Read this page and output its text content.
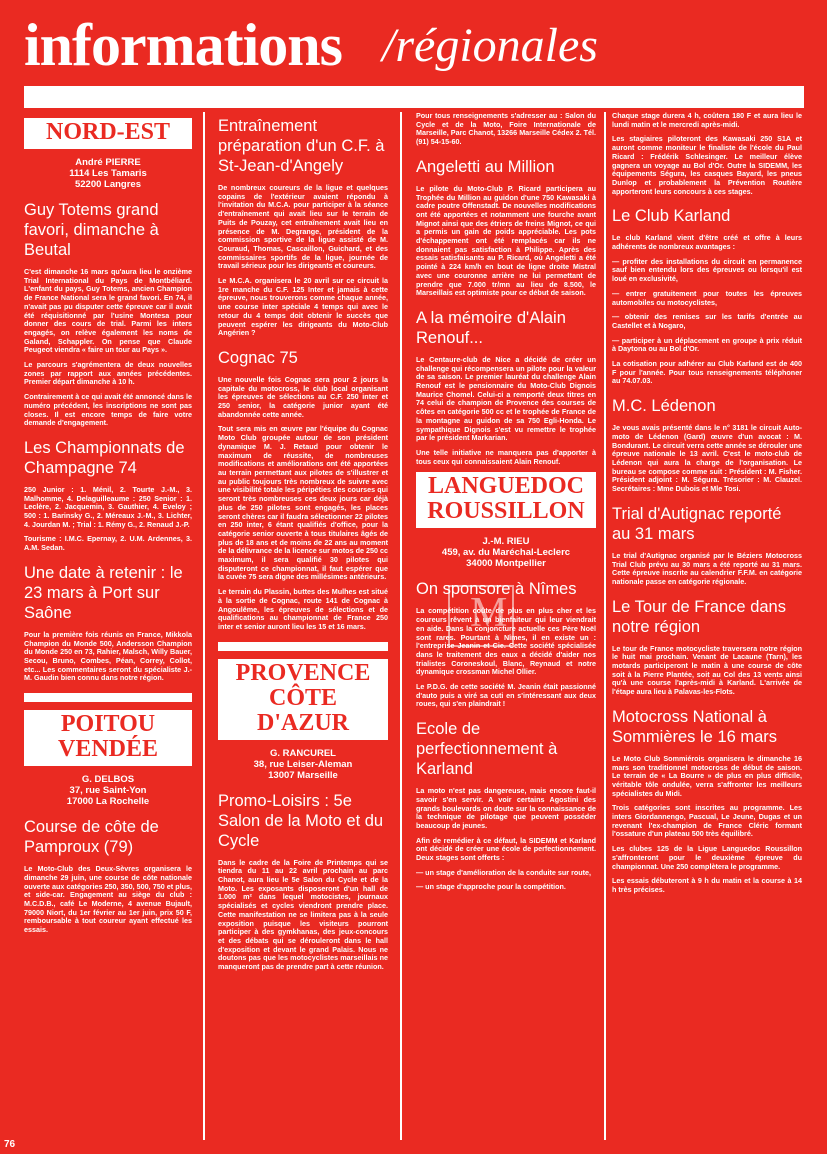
informations /régionales
NORD-EST
André PIERRE
1114 Les Tamaris
52200 Langres
Guy Totems grand favori, dimanche à Beutal

C'est dimanche 16 mars qu'aura lieu le onzième Trial International du Pays de Montbéliard. L'enfant du pays, Guy Totems, ancien Champion de France National sera le grand favori. En 74, il n'avait pas pu disputer cette épreuve car il avait été réquisitionné par l'usine Montesa pour donner des cours de trial. Parmi les inters engagés, on relève également les noms de Galand, Schappler. On pense que Claude Peugeot viendra « faire un tour au Pays ».

Le parcours s'agrémentera de deux nouvelles zones par rapport aux années précédentes. Premier départ dimanche à 10 h.

Contrairement à ce qui avait été annoncé dans le numéro précédent, les inscriptions ne sont pas closes. Il est encore temps de faire votre demande d'engagement.

Les Championnats de Champagne 74

250 Junior : 1. Ménil, 2. Tourte J.-M., 3. Malhomme, 4. Delaguilleaume : 250 Senior : 1. Leclère, 2. Jacquemin, 3. Gauthier, 4. Eveloy ; 500 : 1. Barinsky G., 2. Méreaux J.-M., 3. Lichter, 4. Jourdan M. ; Trial : 1. Rémy G., 2. Renaud J.-P.

Tourisme : I.M.C. Epernay, 2. U.M. Ardennes, 3. A.M. Sedan.

Une date à retenir : le 23 mars à Port sur Saône

Pour la première fois réunis en France, Mikkola Champion du Monde 500, Andersson Champion du Monde 250 en 73, Rahier, Malsch, Willy Bauer, Secou, Bruno, Combes, Péan, Correy, Collot, etc... Les commentaires seront du spécialiste J.-M. Gaudin bien connu dans notre région.

POITOU
VENDÉE
G. DELBOS
37, rue Saint-Yon
17000 La Rochelle
Course de côte de Pamproux (79)

Le Moto-Club des Deux-Sèvres organisera le dimanche 29 juin, une course de côte nationale ouverte aux catégories 250, 350, 500, 750 et plus, et side-car. Engagement au siège du club : M.C.D.B., café Le Moderne, 4 avenue Bujault, 79000 Niort, du 1er février au 1er juin, prix 50 F, remboursable à tout coureur ayant effectué les essais.

Entraînement préparation d'un C.F. à St-Jean-d'Angely

De nombreux coureurs de la ligue et quelques copains de l'extérieur avaient répondu à l'invitation du M.C.A. pour participer à la séance d'entraînement qui avait lieu sur le terrain de Puits de Pouzay, cet entraînement avait lieu en présence de M. Degrange, président de la commission sportive de la ligue assisté de M. Couraud, Thomas, Cascaillon, Guichard, et des commissaires sportifs de la ligue, journée de travail sérieux pour les dirigeants et coureurs.

Le M.C.A. organisera le 20 avril sur ce circuit la 1re manche du C.F. 125 Inter et jamais à cette épreuve, nous trouverons comme chaque année, une course inter spéciale 4 temps qui avec le retour du 4 temps doit obtenir le succès que peuvent espérer les dirigeants du Moto-Club Angérien ?

Cognac 75

Une nouvelle fois Cognac sera pour 2 jours la capitale du motocross, le club local organisant les épreuves de sélections au C.F. 250 inter et 250 senior, la catégorie junior ayant été abandonnée cette année.

Tout sera mis en œuvre par l'équipe du Cognac Moto Club groupée autour de son président dynamique M. J. Retaud pour obtenir le maximum de réussite, de nombreuses modifications et améliorations ont été apportées au terrain permettant aux pilotes de s'illustrer et au public toujours très nombreux de suivre avec une visibilité totale les péripéties des courses qui seront très nombreuses ces deux jours car déjà plus de 250 pilotes sont engagés, les places seront chères car il faudra sélectionner 22 pilotes en 250 inter, 6 étant qualifiés d'office, pour la catégorie senior ouverte à tous titulaires âgés de plus de 18 ans et de moins de 22 ans au moment de la délivrance de la licence sur motos de 250 cc maximum, il sera qualifié 30 pilotes qui disputeront ce championnat, il faut espérer que la cuvée 75 sera digne des millésimes antérieurs.

Le terrain du Plassin, buttes des Mulhes est situé à la sortie de Cognac, route 141 de Cognac à Angoulême, les épreuves de sélections et de qualifications au championnat de France 250 inter et senior auront lieu les 15 et 16 mars.

PROVENCE
CÔTE D'AZUR
G. RANCUREL
38, rue Leiser-Aleman
13007 Marseille
Promo-Loisirs : 5e Salon de la Moto et du Cycle

Dans le cadre de la Foire de Printemps qui se tiendra du 11 au 22 avril prochain au parc Chanot, aura lieu le 5e Salon du Cycle et de la Moto. Les exposants disposeront d'un hall de 1.000 m² dans lequel motocistes, journaux spécialisés et cycles viendront prendre place. Cette manifestation ne se limitera pas à la seule exposition puisque les visiteurs pourront participer à des gymkhanas, des jeux-concours et des débats qui se dérouleront dans le hall d'exposition et devant le grand Palais. Nous ne doutons pas que les motocyclistes marseillais ne manqueront pas de prendre part à cette réunion.

Pour tous renseignements s'adresser au : Salon du Cycle et de la Moto, Foire Internationale de Marseille, Parc Chanot, 13266 Marseille Cédex 2. Tél. (91) 54-15-60.

Angeletti au Million

Le pilote du Moto-Club P. Ricard participera au Trophée du Million au guidon d'une 750 Kawasaki à cadre poutre Offenstadt. De nouvelles modifications ont été apportées et notamment une fourche avant Mignot ainsi que des étriers de freins Mignot, ce qui a permis un gain de poids appréciable. Les pots d'échappement ont été remplacés car ils ne donnaient pas satisfaction à Philippe. Après des essais satisfaisants au P. Ricard, où Angeletti a été pointé à 224 km/h en bout de ligne droite Mistral avec une couronne arrière ne lui permettant de prendre que 7.000 tr/mn au lieu de 8.500, le Marseillais est optimiste pour ce début de saison.

A la mémoire d'Alain Renouf...

Le Centaure-club de Nice a décidé de créer un challenge qui récompensera un pilote pour la valeur de sa saison. Le premier lauréat du challenge Alain Renouf est le pensionnaire du Moto-Club Dignois Maurice Chomel. Celui-ci a remporté deux titres en 74 celui de champion de Provence des courses de côtes en catégorie 500 cc et le trophée de France de la montagne au guidon de sa 750 Egli-Honda. Le sympathique Dignois s'est vu remettre le trophée par le président Markarian.

Une telle initiative ne manquera pas d'apporter à tous ceux qui connaissaient Alain Renouf.

LANGUEDOC
ROUSSILLON
J.-M. RIEU
459, av. du Maréchal-Leclerc
34000 Montpellier
On sponsore à Nîmes

La compétition coûte de plus en plus cher et les coureurs rêvent à un bienfaiteur qui leur viendrait en aide. Dans la conjoncture actuelle ces Père Noël sont rares. Pourtant à Nîmes, il en existe un : l'entreprise Jeanin et Cie. Cette société spécialisée dans le traitement des eaux a décidé d'aider nos trialistes Coroneskoul, Blanc, Reynaud et notre dynamique crossman Michel Ollier.

Le P.D.G. de cette société M. Jeanin était passionné d'auto puis a viré sa cuti en s'intéressant aux deux roues, qui s'en plaindrait !

Ecole de perfectionnement à Karland

La moto n'est pas dangereuse, mais encore faut-il savoir s'en servir. A voir certains Agostini des grands boulevards on doute sur la connaissance de la technique de pilotage que peuvent posséder beaucoup de jeunes.

Afin de remédier à ce défaut, la SIDEMM et Karland ont décidé de créer une école de perfectionnement. Deux stages sont offerts :

— un stage d'amélioration de la conduite sur route,

— un stage d'approche pour la compétition.

Chaque stage durera 4 h, coûtera 180 F et aura lieu le lundi matin et le mercredi après-midi.

Les stagiaires piloteront des Kawasaki 250 S1A et auront comme moniteur le finaliste de l'école du Paul Ricard : Frédérik Schlesinger. Le meilleur élève gagnera un voyage au Bol d'Or. Outre la SIDEMM, les équipements Ségura, les casques Bayard, les pneus Dunlop et probablement la Prévention Routière apporteront leurs concours à ces stages.

Le Club Karland

Le club Karland vient d'être créé et offre à leurs adhérents de nombreux avantages :

— profiter des installations du circuit en permanence sauf bien entendu lors des épreuves ou lorsqu'il est loué en exclusivité,

— entrer gratuitement pour toutes les épreuves automobiles ou motocyclistes,

— obtenir des remises sur les tarifs d'entrée au Castellet et à Nogaro,

— participer à un déplacement en groupe à prix réduit à Daytona ou au Bol d'Or.

La cotisation pour adhérer au Club Karland est de 400 F pour l'année. Pour tous renseignements téléphoner au 74.07.03.

M.C. Lédenon

Je vous avais présenté dans le n° 3181 le circuit Auto-moto de Lédenon (Gard) œuvre d'un avocat : M. Bondurant. Le circuit verra cette année se dérouler une épreuve nationale le 13 avril. C'est le moto-club de Lédenon qui aura la charge de l'organisation. Le bureau se compose comme suit : Président : M. Fisher. Président adjoint : M. Ségura. Trésorier : M. Clauzel. Secrétaires : Mme Dubois et Mle Tosi.

Trial d'Autignac reporté au 31 mars

Le trial d'Autignac organisé par le Béziers Motocross Trial Club prévu au 30 mars a été reporté au 31 mars. Cette épreuve inscrite au calendrier F.F.M. en catégorie nationale passe en catégorie régionale.

Le Tour de France dans notre région

Le tour de France motocycliste traversera notre région le huit mai prochain. Venant de Lacaune (Tarn), les motards participeront le matin à une course de côte soit à la Pierre Plantée, soit au Col des 13 vents ainsi qu'à une course l'après-midi à Karland. L'arrivée de l'étape aura lieu à Palavas-les-Flots.

Motocross National à Sommières le 16 mars

Le Moto Club Sommiérois organisera le dimanche 16 mars son traditionnel motocross de début de saison. Le terrain de « La Bourre » de plus en plus difficile, véritable tôle ondulée, verra s'affronter les meilleurs spécialistes du Midi.

Trois catégories sont inscrites au programme. Les inters Giordannengo, Pascual, Le Jeune, Dugas et un revenant l'ex-champion de France Cléric formant l'ossature d'un plateau 500 très équilibré.

Les clubes 125 de la Ligue Languedoc Roussillon s'affronteront pour le deuxième épreuve du championnat. Une 250 complètera le programme.

Les essais débuteront à 9 h du matin et la course à 14 h très précises.

M
76
